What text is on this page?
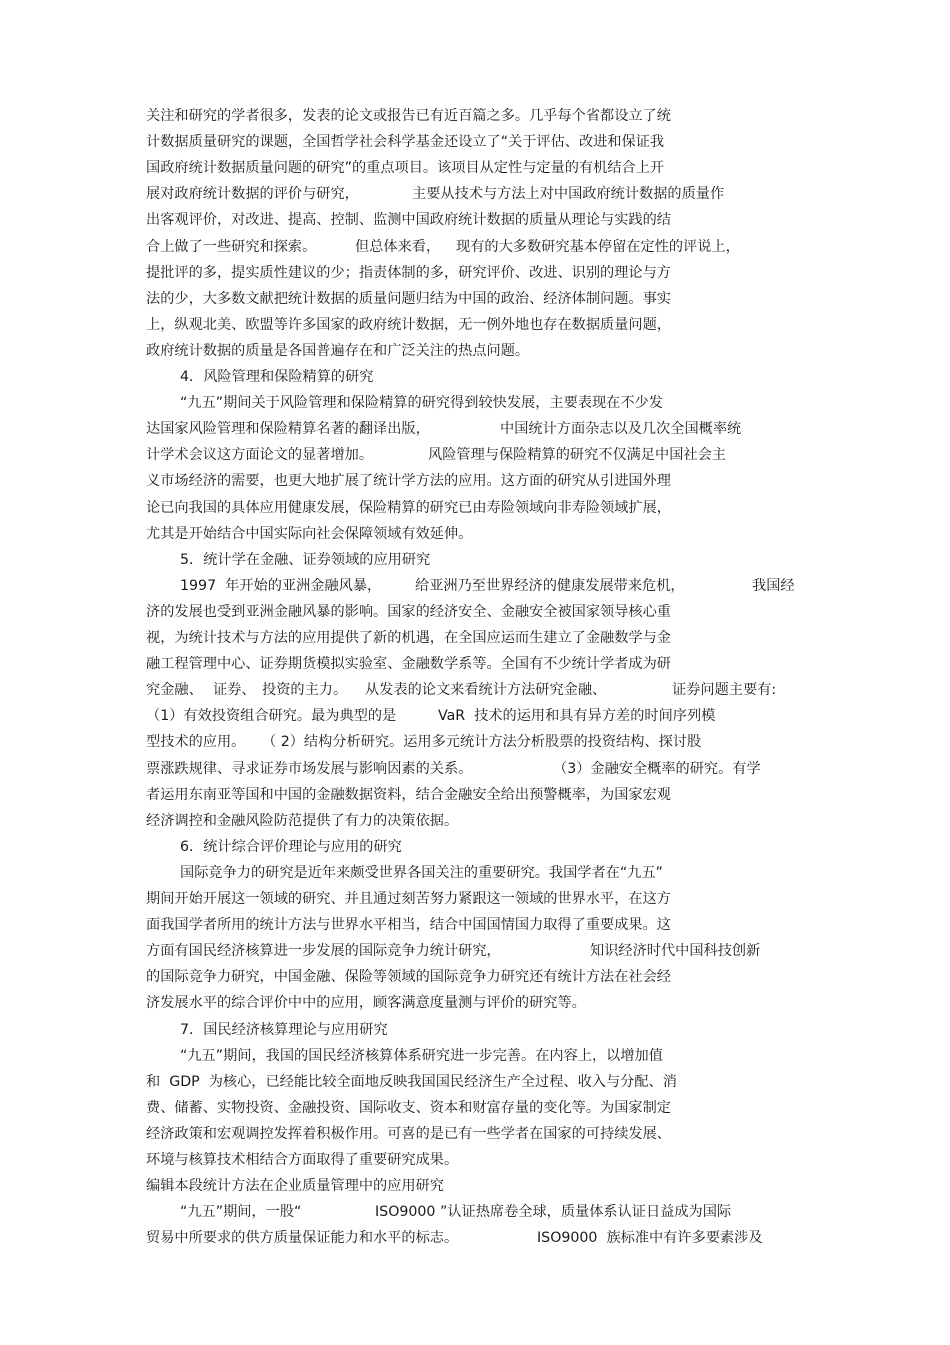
关注和研究的学者很多，发表的论文或报告已有近百篇之多。几乎每个省都设立了统
计数据质量研究的课题，全国哲学社会科学基金还设立了“关于评估、改进和保证我
国政府统计数据质量问题的研究”的重点项目。该项目从定性与定量的有机结合上开
展对政府统计数据的评价与研究，	主要从技术与方法上对中国政府统计数据的质量作
出客观评价，对改进、提高、控制、监测中国政府统计数据的质量从理论与实践的结
合上做了一些研究和探索。	但总体来看， 现有的大多数研究基本停留在定性的评说上，
提批评的多，提实质性建议的少；指责体制的多，研究评价、改进、识别的理论与方
法的少，大多数文献把统计数据的质量问题归结为中国的政治、经济体制问题。事实
上，纵观北美、欧盟等许多国家的政府统计数据，无一例外地也存在数据质量问题，
政府统计数据的质量是各国普遍存在和广泛关注的热点问题。
4．风险管理和保险精算的研究
“九五”期间关于风险管理和保险精算的研究得到较快发展，主要表现在不少发
达国家风险管理和保险精算名著的翻译出版，	中国统计方面杂志以及几次全国概率统
计学术会议这方面论文的显著增加。	风险管理与保险精算的研究不仅满足中国社会主
义市场经济的需要，也更大地扩展了统计学方法的应用。这方面的研究从引进国外理
论已向我国的具体应用健康发展，保险精算的研究已由寿险领域向非寿险领域扩展，
尤其是开始结合中国实际向社会保障领域有效延伸。
5．统计学在金融、证券领域的应用研究
1997  年开始的亚洲金融风暴， 给亚洲乃至世界经济的健康发展带来危机，	我国经
济的发展也受到亚洲金融风暴的影响。国家的经济安全、金融安全被国家领导核心重
视，为统计技术与方法的应用提供了新的机遇，在全国应运而生建立了金融数学与金
融工程管理中心、证券期货模拟实验室、金融数学系等。全国有不少统计学者成为研
究金融、 证券、 投资的主力。 从发表的论文来看统计方法研究金融、	证券问题主要有:
（1）有效投资组合研究。最为典型的是	VaR  技术的运用和具有异方差的时间序列模
型技术的应用。 （ 2）结构分析研究。运用多元统计方法分析股票的投资结构、探讨股
票涨跌规律、寻求证券市场发展与影响因素的关系。	（3）金融安全概率的研究。有学
者运用东南亚等国和中国的金融数据资料，结合金融安全给出预警概率，为国家宏观
经济调控和金融风险防范提供了有力的决策依据。
6．统计综合评价理论与应用的研究
国际竞争力的研究是近年来颇受世界各国关注的重要研究。我国学者在“九五”
期间开始开展这一领域的研究、并且通过刻苦努力紧跟这一领域的世界水平，在这方
面我国学者所用的统计方法与世界水平相当，结合中国国情国力取得了重要成果。这
方面有国民经济核算进一步发展的国际竞争力统计研究，	知识经济时代中国科技创新
的国际竞争力研究，中国金融、保险等领域的国际竞争力研究还有统计方法在社会经
济发展水平的综合评价中中的应用，顾客满意度量测与评价的研究等。
7．国民经济核算理论与应用研究
“九五”期间，我国的国民经济核算体系研究进一步完善。在内容上，以增加值
和  GDP  为核心，已经能比较全面地反映我国国民经济生产全过程、收入与分配、消
费、储蓄、实物投资、金融投资、国际收支、资本和财富存量的变化等。为国家制定
经济政策和宏观调控发挥着积极作用。可喜的是已有一些学者在国家的可持续发展、
环境与核算技术相结合方面取得了重要研究成果。
编辑本段统计方法在企业质量管理中的应用研究
“九五”期间，一股“	ISO9000 ”认证热席卷全球，质量体系认证日益成为国际
贸易中所要求的供方质量保证能力和水平的标志。	ISO9000  族标准中有许多要素涉及
